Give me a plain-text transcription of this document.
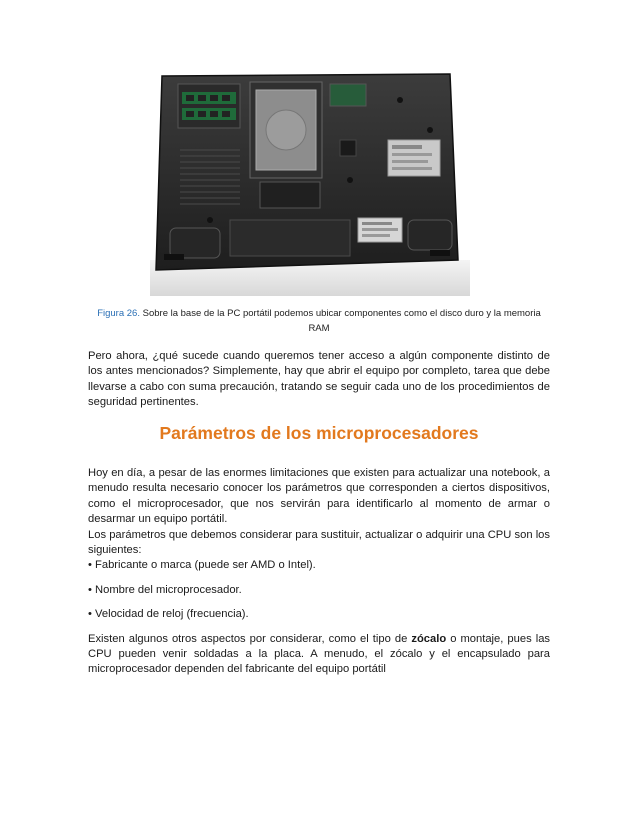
Figura 26. Sobre la base de la PC portátil podemos ubicar componentes como el disco duro y la memoria RAM

Pero ahora, ¿qué sucede cuando queremos tener acceso a algún componente distinto de los antes mencionados? Simplemente, hay que abrir el equipo por completo, tarea que debe llevarse a cabo con suma precaución, tratando se seguir cada uno de los procedimientos de seguridad pertinentes.

Parámetros de los microprocesadores

Hoy en día, a pesar de las enormes limitaciones que existen para actualizar una notebook, a menudo resulta necesario conocer los parámetros que corresponden a ciertos dispositivos, como el microprocesador, que nos servirán para identificarlo al momento de armar o desarmar un equipo portátil.

Los parámetros que debemos considerar para sustituir, actualizar o adquirir una CPU son los siguientes:

• Fabricante o marca (puede ser AMD o Intel).

• Nombre del microprocesador.

• Velocidad de reloj (frecuencia).

Existen algunos otros aspectos por considerar, como el tipo de zócalo o montaje, pues las CPU pueden venir soldadas a la placa. A menudo, el zócalo y el encapsulado para microprocesador dependen del fabricante del equipo portátil
